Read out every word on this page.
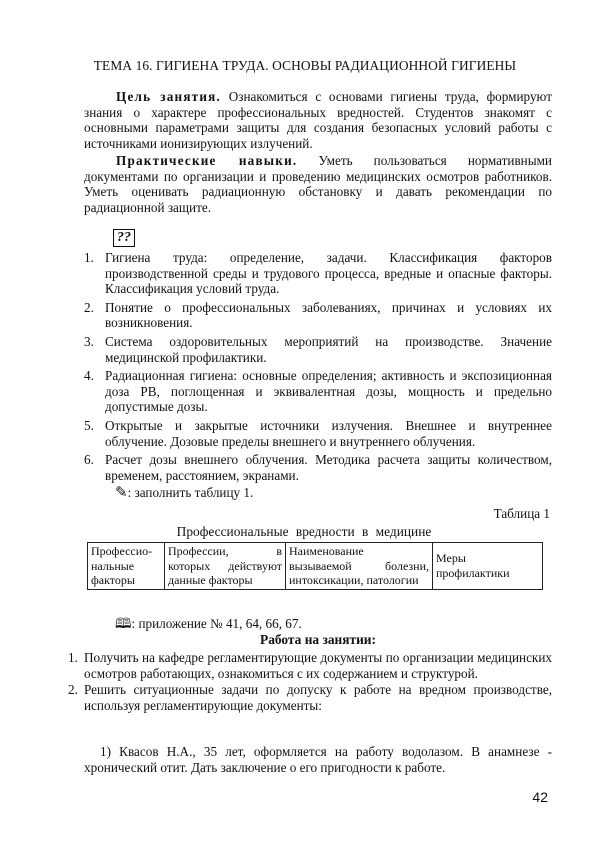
ТЕМА 16. ГИГИЕНА ТРУДА. ОСНОВЫ РАДИАЦИОННОЙ ГИГИЕНЫ
Цель занятия. Ознакомиться с основами гигиены труда, формируют знания о характере профессиональных вредностей. Студентов знакомят с основными параметрами защиты для создания безопасных условий работы с источниками ионизирующих излучений.
Практические навыки. Уметь пользоваться нормативными документами по организации и проведению медицинских осмотров работников. Уметь оценивать радиационную обстановку и давать рекомендации по радиационной защите.
??
1. Гигиена труда: определение, задачи. Классификация факторов производственной среды и трудового процесса, вредные и опасные факторы. Классификация условий труда.
2. Понятие о профессиональных заболеваниях, причинах и условиях их возникновения.
3. Система оздоровительных мероприятий на производстве. Значение медицинской профилактики.
4. Радиационная гигиена: основные определения; активность и экспозиционная доза РВ, поглощенная и эквивалентная дозы, мощность и предельно допустимые дозы.
5. Открытые и закрытые источники излучения. Внешнее и внутреннее облучение. Дозовые пределы внешнего и внутреннего облучения.
6. Расчет дозы внешнего облучения. Методика расчета защиты количеством, временем, расстоянием, экранами.
✎: заполнить таблицу 1.
Таблица 1
Профессиональные вредности в медицине
Профессио-нальные факторы	Профессии, в которых действуют данные факторы	Наименование вызываемой болезни, интоксикации, патологии	Меры профилактики
🕮: приложение № 41, 64, 66, 67.
Работа на занятии:
1. Получить на кафедре регламентирующие документы по организации медицинских осмотров работающих, ознакомиться с их содержанием и структурой.
2. Решить ситуационные задачи по допуску к работе на вредном производстве, используя регламентирующие документы:
1) Квасов Н.А., 35 лет, оформляется на работу водолазом. В анамнезе - хронический отит. Дать заключение о его пригодности к работе.
42
